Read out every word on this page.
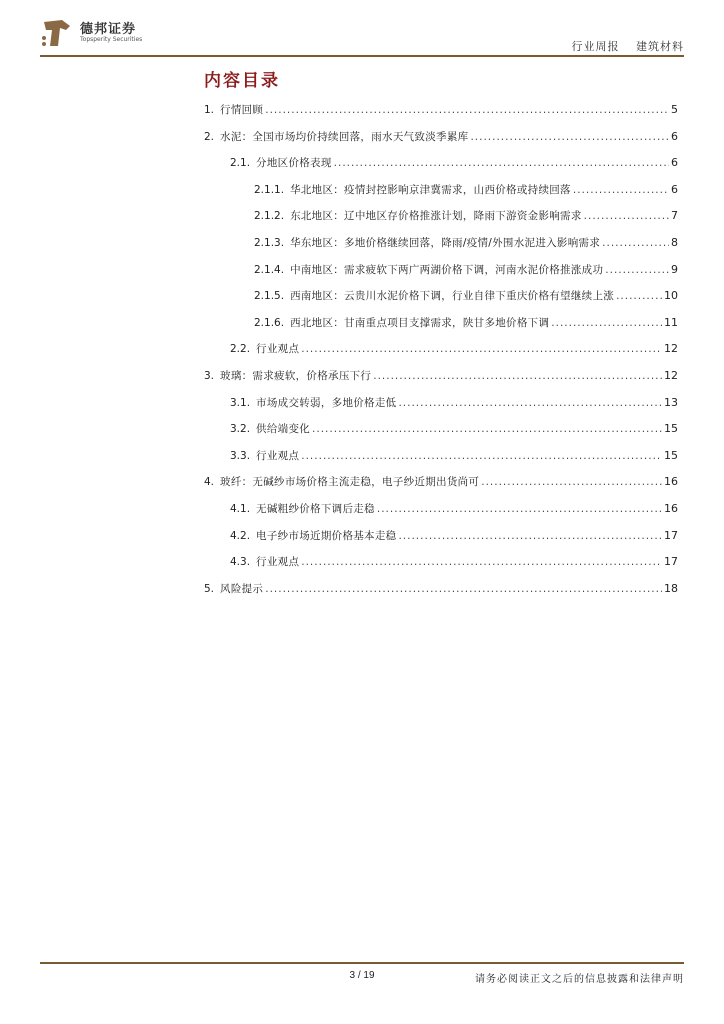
德邦证券
Topsperity Securities
行业周报 建筑材料
内容目录
1. 行情回顾 .....	5
2. 水泥：全国市场均价持续回落，雨水天气致淡季累库 .....	6
2.1. 分地区价格表现 .....	6
2.1.1. 华北地区：疫情封控影响京津冀需求，山西价格或持续回落 .....	6
2.1.2. 东北地区：辽中地区存价格推涨计划，降雨下游资金影响需求 .....	7
2.1.3. 华东地区：多地价格继续回落，降雨/疫情/外围水泥进入影响需求 .....	8
2.1.4. 中南地区：需求疲软下两广两湖价格下调，河南水泥价格推涨成功 .....	9
2.1.5. 西南地区：云贵川水泥价格下调，行业自律下重庆价格有望继续上涨 .....	10
2.1.6. 西北地区：甘南重点项目支撑需求，陕甘多地价格下调 .....	11
2.2. 行业观点 .....	12
3. 玻璃：需求疲软，价格承压下行 .....	12
3.1. 市场成交转弱，多地价格走低 .....	13
3.2. 供给端变化 .....	15
3.3. 行业观点 .....	15
4. 玻纤：无碱纱市场价格主流走稳，电子纱近期出货尚可 .....	16
4.1. 无碱粗纱价格下调后走稳 .....	16
4.2. 电子纱市场近期价格基本走稳 .....	17
4.3. 行业观点 .....	17
5. 风险提示 .....	18
3 / 19	请务必阅读正文之后的信息披露和法律声明
